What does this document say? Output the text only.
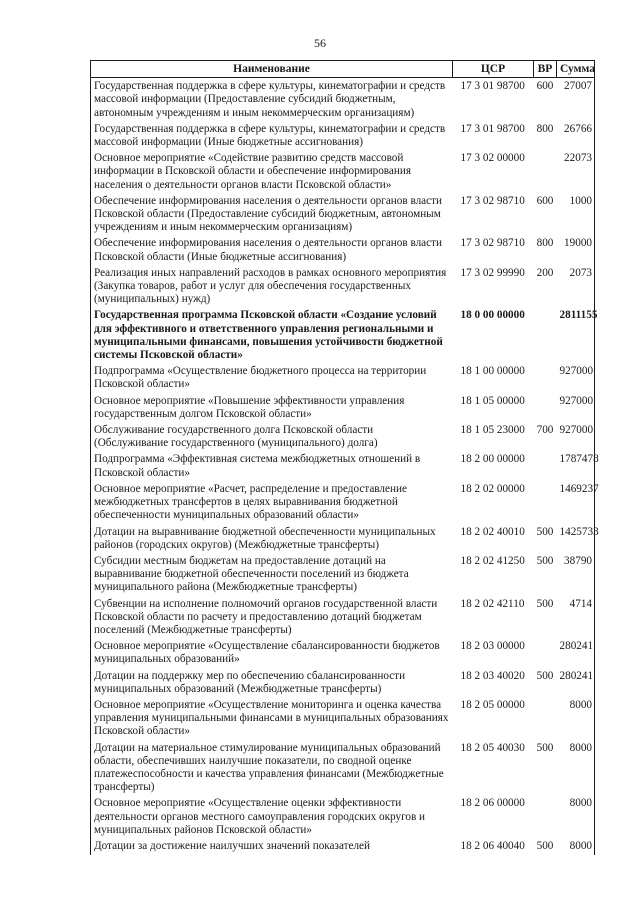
56
Наименование	ЦСР	ВР	Сумма
Государственная поддержка в сфере культуры, кинематографии и средств массовой информации (Предоставление субсидий бюджетным, автономным учреждениям и иным некоммерческим организациям)	17 3 01 98700	600	27007
Государственная поддержка в сфере культуры, кинематографии и средств массовой информации (Иные бюджетные ассигнования)	17 3 01 98700	800	26766
Основное мероприятие «Содействие развитию средств массовой информации в Псковской области и обеспечение информирования населения о деятельности органов власти Псковской области»	17 3 02 00000		22073
Обеспечение информирования населения о деятельности органов власти Псковской области (Предоставление субсидий бюджетным, автономным учреждениям и иным некоммерческим организациям)	17 3 02 98710	600	1000
Обеспечение информирования населения о деятельности органов власти Псковской области (Иные бюджетные ассигнования)	17 3 02 98710	800	19000
Реализация иных направлений расходов в рамках основного мероприятия (Закупка товаров, работ и услуг для обеспечения государственных (муниципальных) нужд)	17 3 02 99990	200	2073
Государственная программа Псковской области «Создание условий для эффективного и ответственного управления региональными и муниципальными финансами, повышения устойчивости бюджетной системы Псковской области»	18 0 00 00000		2811155
Подпрограмма «Осуществление бюджетного процесса на территории Псковской области»	18 1 00 00000		927000
Основное мероприятие «Повышение эффективности управления государственным долгом Псковской области»	18 1 05 00000		927000
Обслуживание государственного долга Псковской области (Обслуживание государственного (муниципального) долга)	18 1 05 23000	700	927000
Подпрограмма «Эффективная система межбюджетных отношений в Псковской области»	18 2 00 00000		1787478
Основное мероприятие «Расчет, распределение и предоставление межбюджетных трансфертов в целях выравнивания бюджетной обеспеченности муниципальных образований области»	18 2 02 00000		1469237
Дотации на выравнивание бюджетной обеспеченности муниципальных районов (городских округов) (Межбюджетные трансферты)	18 2 02 40010	500	1425733
Субсидии местным бюджетам на предоставление дотаций на выравнивание бюджетной обеспеченности поселений из бюджета муниципального района (Межбюджетные трансферты)	18 2 02 41250	500	38790
Субвенции на исполнение полномочий органов государственной власти Псковской области по расчету и предоставлению дотаций бюджетам поселений (Межбюджетные трансферты)	18 2 02 42110	500	4714
Основное мероприятие «Осуществление сбалансированности бюджетов муниципальных образований»	18 2 03 00000		280241
Дотации на поддержку мер по обеспечению сбалансированности муниципальных образований (Межбюджетные трансферты)	18 2 03 40020	500	280241
Основное мероприятие «Осуществление мониторинга и оценка качества управления муниципальными финансами в муниципальных образованиях Псковской области»	18 2 05 00000		8000
Дотации на материальное стимулирование муниципальных образований области, обеспечивших наилучшие показатели, по сводной оценке платежеспособности и качества управления финансами (Межбюджетные трансферты)	18 2 05 40030	500	8000
Основное мероприятие «Осуществление оценки эффективности деятельности органов местного самоуправления городских округов и муниципальных районов Псковской области»	18 2 06 00000		8000
Дотации за достижение наилучших значений показателей	18 2 06 40040	500	8000
